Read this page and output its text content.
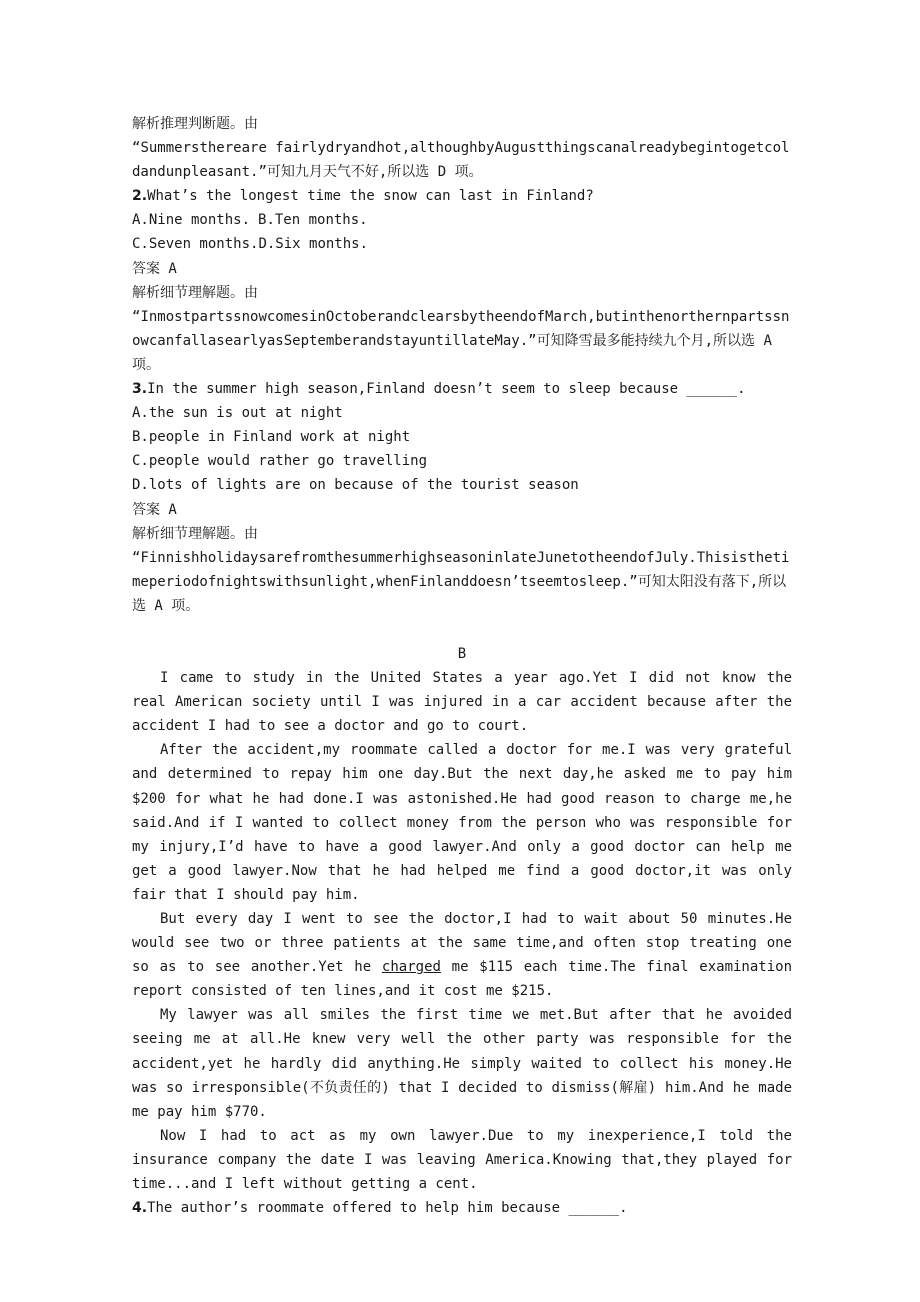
解析推理判断题。由
“Summersthereare fairlydryandhot,althoughbyAugustthingscanalreadybegintogetcoldandunpleasant.”可知九月天气不好,所以选 D 项。
2.What’s the longest time the snow can last in Finland?
A.Nine months. B.Ten months.
C.Seven months.D.Six months.
答案 A
解析细节理解题。由
“InmostpartssnowcomesinOctoberandclearsbytheendofMarch,butinthenorthernpartssnowcanfallasearlyasSeptemberandstayuntillateMay.”可知降雪最多能持续九个月,所以选 A 项。
3.In the summer high season,Finland doesn’t seem to sleep because ______.
A.the sun is out at night
B.people in Finland work at night
C.people would rather go travelling
D.lots of lights are on because of the tourist season
答案 A
解析细节理解题。由
“FinnishholidaysarefromthesummerhighseasoninlateJunetotheendofJuly.Thisisthetimeperiodofnightswithsunlight,whenFinlanddoesn’tseemtosleep.”可知太阳没有落下,所以选 A 项。
B
I came to study in the United States a year ago.Yet I did not know the real American society until I was injured in a car accident because after the accident I had to see a doctor and go to court.
After the accident,my roommate called a doctor for me.I was very grateful and determined to repay him one day.But the next day,he asked me to pay him $200 for what he had done.I was astonished.He had good reason to charge me,he said.And if I wanted to collect money from the person who was responsible for my injury,I’d have to have a good lawyer.And only a good doctor can help me get a good lawyer.Now that he had helped me find a good doctor,it was only fair that I should pay him.
But every day I went to see the doctor,I had to wait about 50 minutes.He would see two or three patients at the same time,and often stop treating one so as to see another.Yet he charged me $115 each time.The final examination report consisted of ten lines,and it cost me $215.
My lawyer was all smiles the first time we met.But after that he avoided seeing me at all.He knew very well the other party was responsible for the accident,yet he hardly did anything.He simply waited to collect his money.He was so irresponsible(不负责任的) that I decided to dismiss(解雇) him.And he made me pay him $770.
Now I had to act as my own lawyer.Due to my inexperience,I told the insurance company the date I was leaving America.Knowing that,they played for time...and I left without getting a cent.
4.The author’s roommate offered to help him because ______.
